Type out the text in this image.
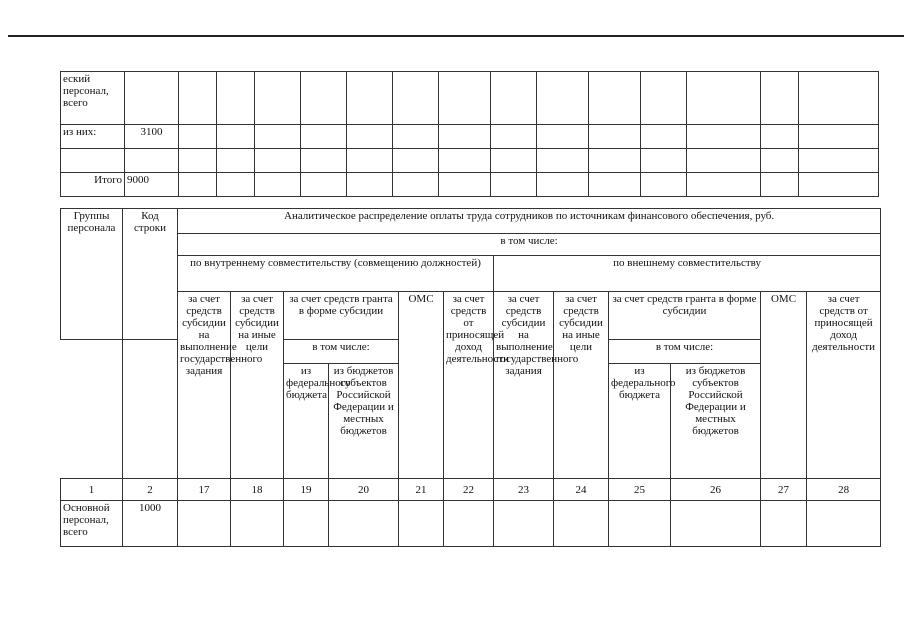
еский персонал, всего															
из них:	3100														

Итого	9000														
Группы персонала	Код строки	Аналитическое распределение оплаты труда сотрудников по источникам финансового обеспечения, руб.											
		в том числе:											
		по внутреннему совместительству (совмещению должностей)						по внешнему совместительству					
		за счет средств субсидии на выполнение государственного задания	за счет средств субсидии на иные цели	за счет средств гранта в форме субсидии		ОМС	за счет средств от приносящей доход деятельности	за счет средств субсидии на выполнение государственного задания	за счет средств субсидии на иные цели	за счет средств гранта в форме субсидии		ОМС	за счет средств от приносящей доход деятельности
				в том числе:						в том числе:			
				из федерального бюджета	из бюджетов субъектов Российской Федерации и местных бюджетов					из федерального бюджета	из бюджетов субъектов Российской Федерации и местных бюджетов		
1	2	17	18	19	20	21	22	23	24	25	26	27	28
Основной персонал, всего	1000												
